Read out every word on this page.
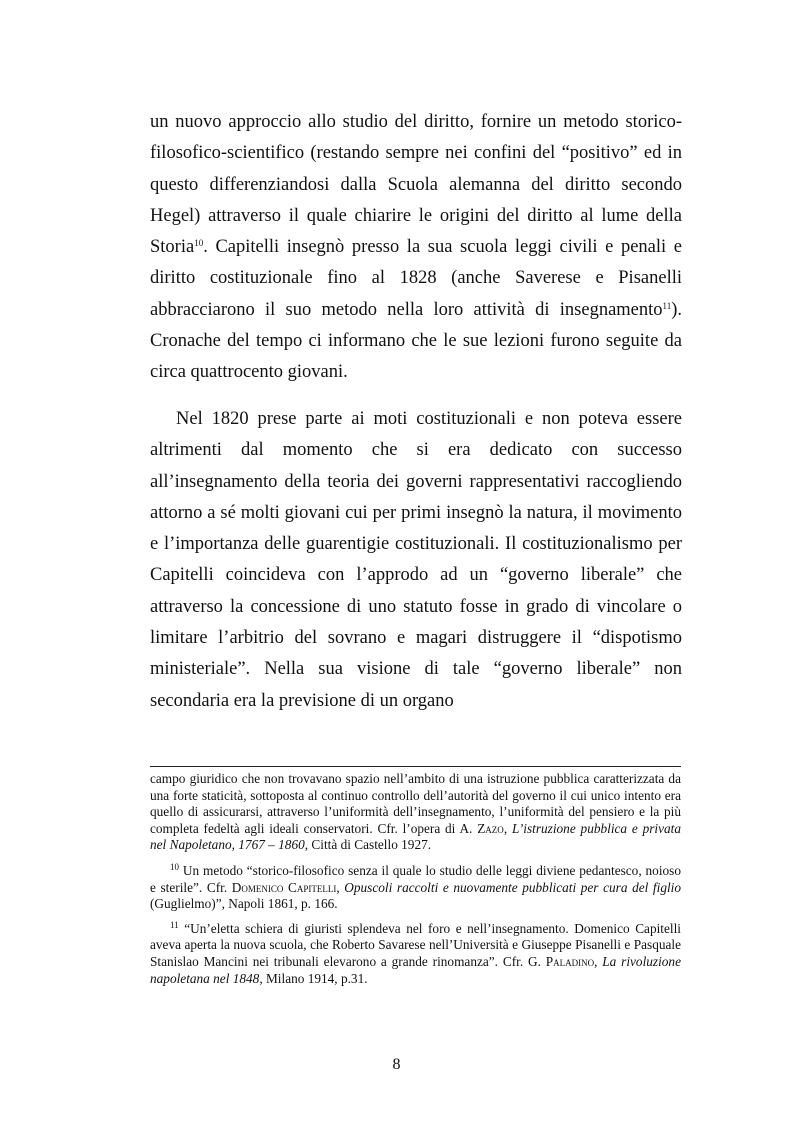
un nuovo approccio allo studio del diritto, fornire un metodo storico-filosofico-scientifico (restando sempre nei confini del “positivo” ed in questo differenziandosi dalla Scuola alemanna del diritto secondo Hegel) attraverso il quale chiarire le origini del diritto al lume della Storia$^{10}$. Capitelli insegnò presso la sua scuola leggi civili e penali e diritto costituzionale fino al 1828 (anche Saverese e Pisanelli abbracciarono il suo metodo nella loro attività di insegnamento$^{11}$). Cronache del tempo ci informano che le sue lezioni furono seguite da circa quattrocento giovani.

Nel 1820 prese parte ai moti costituzionali e non poteva essere altrimenti dal momento che si era dedicato con successo all’insegnamento della teoria dei governi rappresentativi raccogliendo attorno a sé molti giovani cui per primi insegnò la natura, il movimento e l’importanza delle guarentigie costituzionali. Il costituzionalismo per Capitelli coincideva con l’approdo ad un “governo liberale” che attraverso la concessione di uno statuto fosse in grado di vincolare o limitare l’arbitrio del sovrano e magari distruggere il “dispotismo ministeriale”. Nella sua visione di tale “governo liberale” non secondaria era la previsione di un organo

campo giuridico che non trovavano spazio nell’ambito di una istruzione pubblica caratterizzata da una forte staticità, sottoposta al continuo controllo dell’autorità del governo il cui unico intento era quello di assicurarsi, attraverso l’uniformità dell’insegnamento, l’uniformità del pensiero e la più completa fedeltà agli ideali conservatori. Cfr. l’opera di A. Zazo, L’istruzione pubblica e privata nel Napoletano, 1767 – 1860, Città di Castello 1927.

$^{10}$ Un metodo “storico-filosofico senza il quale lo studio delle leggi diviene pedantesco, noioso e sterile”. Cfr. Domenico Capitelli, Opuscoli raccolti e nuovamente pubblicati per cura del figlio (Guglielmo)”, Napoli 1861, p. 166.

$^{11}$ “Un’eletta schiera di giuristi splendeva nel foro e nell’insegnamento. Domenico Capitelli aveva aperta la nuova scuola, che Roberto Savarese nell’Università e Giuseppe Pisanelli e Pasquale Stanislao Mancini nei tribunali elevarono a grande rinomanza”. Cfr. G. Paladino, La rivoluzione napoletana nel 1848, Milano 1914, p.31.

8
